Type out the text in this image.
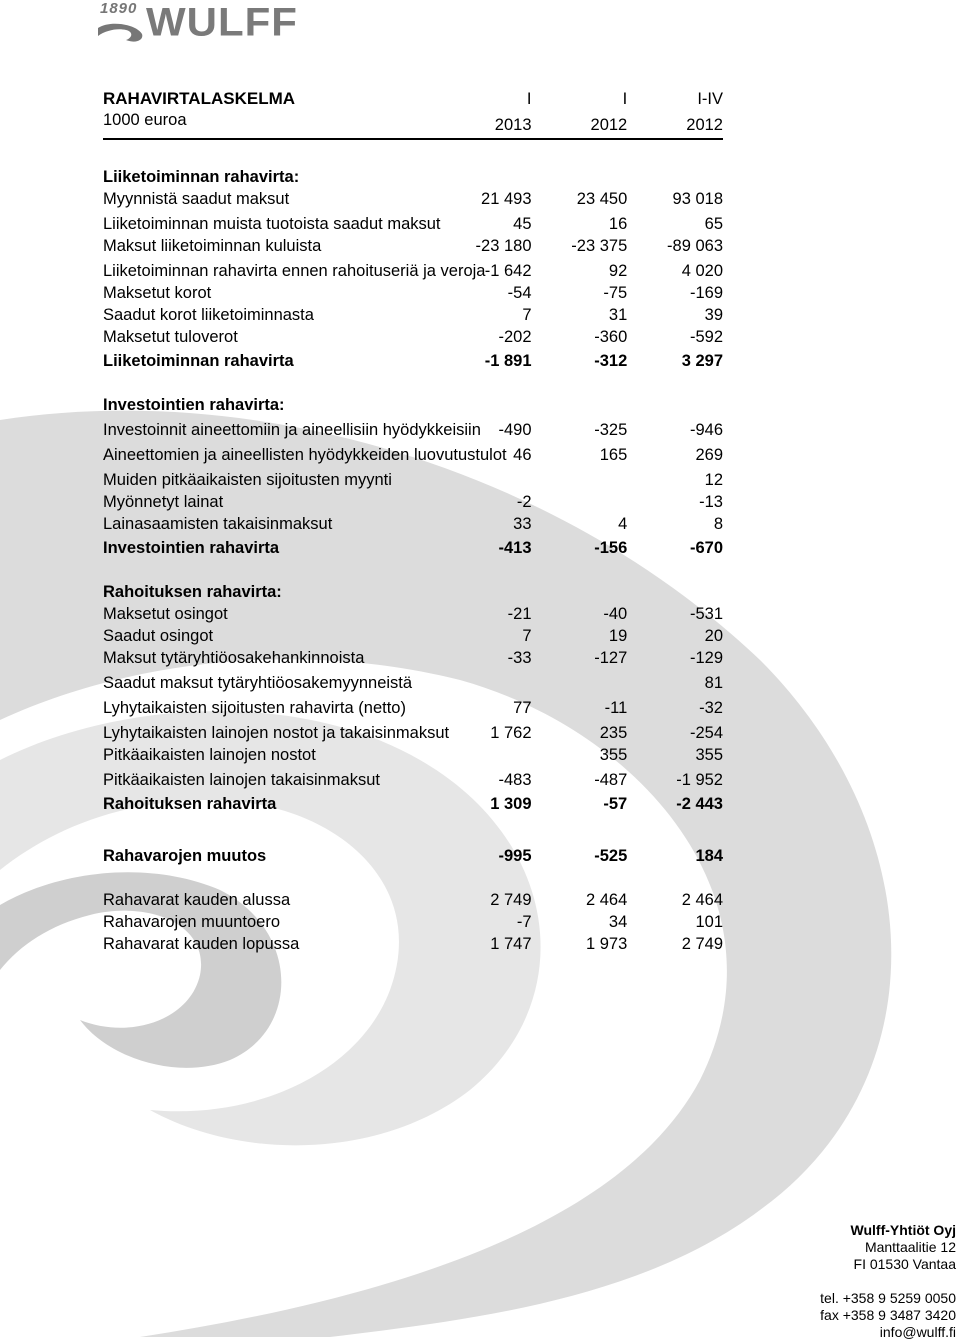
1890 WULFF
RAHAVIRTALASKELMA	I	I	I-IV
1000 euroa	2013	2012	2012
Liiketoiminnan rahavirta:			
Myynnistä saadut maksut	21 493	23 450	93 018
Liiketoiminnan muista tuotoista saadut maksut	45	16	65
Maksut liiketoiminnan kuluista	-23 180	-23 375	-89 063
Liiketoiminnan rahavirta ennen rahoituseriä ja veroja	-1 642	92	4 020
Maksetut korot	-54	-75	-169
Saadut korot liiketoiminnasta	7	31	39
Maksetut tuloverot	-202	-360	-592
Liiketoiminnan rahavirta	-1 891	-312	3 297
Investointien rahavirta:			
Investoinnit aineettomiin ja aineellisiin hyödykkeisiin	-490	-325	-946
Aineettomien ja aineellisten hyödykkeiden luovutustulot	46	165	269
Muiden pitkäaikaisten sijoitusten myynti			12
Myönnetyt lainat	-2		-13
Lainasaamisten takaisinmaksut	33	4	8
Investointien rahavirta	-413	-156	-670
Rahoituksen rahavirta:			
Maksetut osingot	-21	-40	-531
Saadut osingot	7	19	20
Maksut tytäryhtiöosakehankinnoista	-33	-127	-129
Saadut maksut tytäryhtiöosakemyynneistä			81
Lyhytaikaisten sijoitusten rahavirta (netto)	77	-11	-32
Lyhytaikaisten lainojen nostot ja takaisinmaksut	1 762	235	-254
Pitkäaikaisten lainojen nostot		355	355
Pitkäaikaisten lainojen takaisinmaksut	-483	-487	-1 952
Rahoituksen rahavirta	1 309	-57	-2 443
Rahavarojen muutos	-995	-525	184
Rahavarat kauden alussa	2 749	2 464	2 464
Rahavarojen muuntoero	-7	34	101
Rahavarat kauden lopussa	1 747	1 973	2 749
Wulff-Yhtiöt Oyj
Manttaalitie 12
FI 01530 Vantaa
tel. +358 9 5259 0050
fax +358 9 3487 3420
info@wulff.fi
